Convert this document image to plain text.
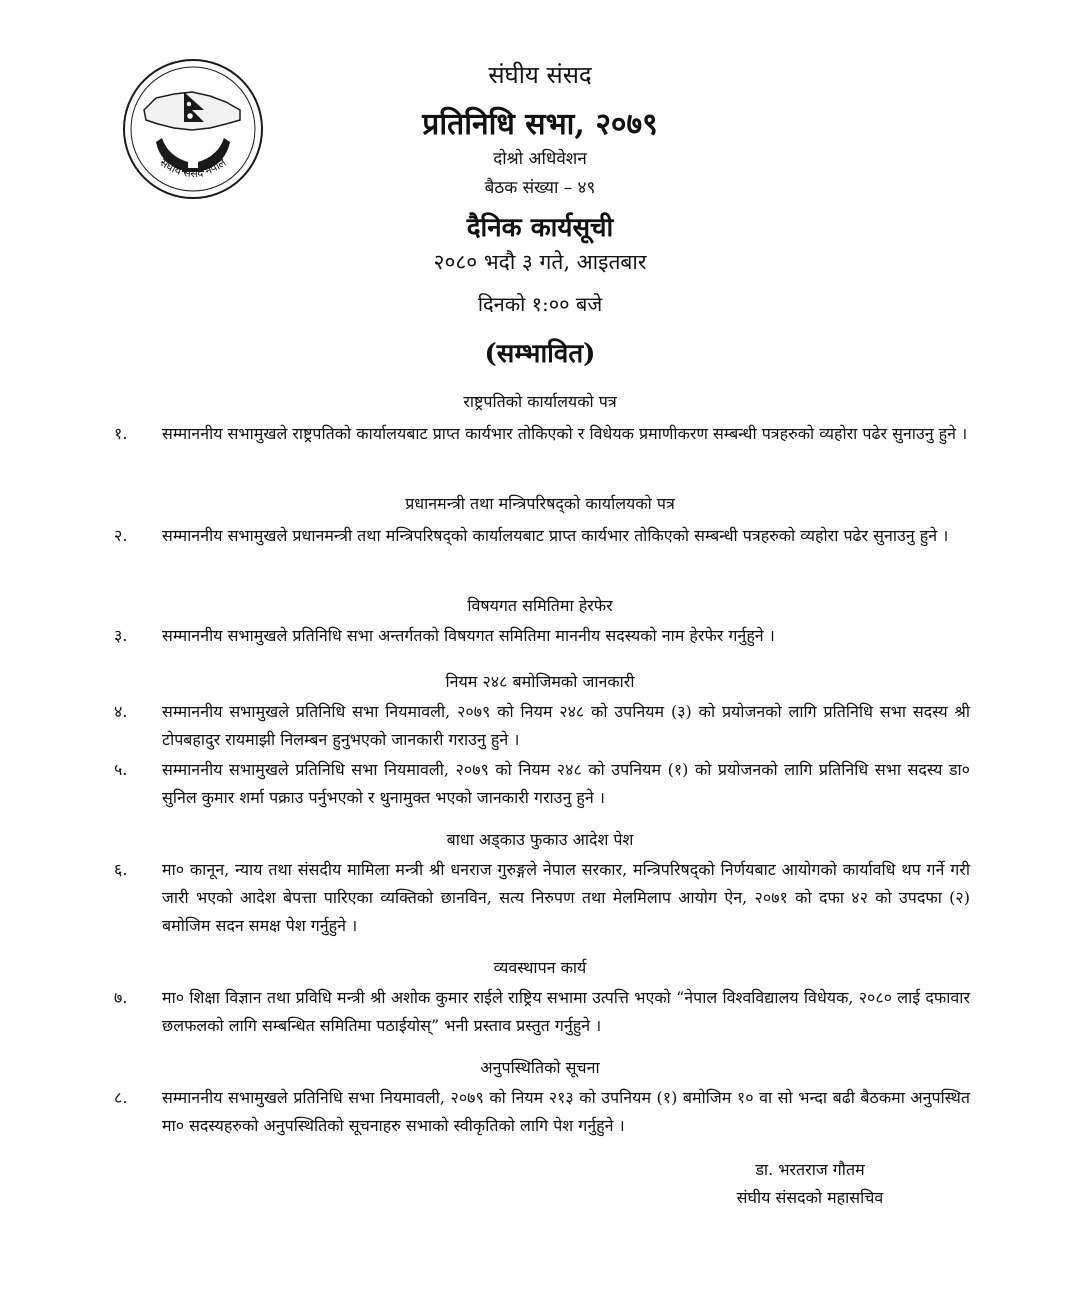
संघीय संसद नेपाल
संघीय संसद
प्रतिनिधि सभा, २०७९
दोश्रो अधिवेशन
बैठक संख्या – ४९
दैनिक कार्यसूची
२०८० भदौ ३ गते, आइतबार
दिनको १:०० बजे
(सम्भावित)
राष्ट्रपतिको कार्यालयको पत्र
१.	सम्माननीय सभामुखले राष्ट्रपतिको कार्यालयबाट प्राप्त कार्यभार तोकिएको र विधेयक प्रमाणीकरण सम्बन्धी पत्रहरुको व्यहोरा पढेर सुनाउनु हुने ।
प्रधानमन्त्री तथा मन्त्रिपरिषद्को कार्यालयको पत्र
२.	सम्माननीय सभामुखले प्रधानमन्त्री तथा मन्त्रिपरिषद्को कार्यालयबाट प्राप्त कार्यभार तोकिएको सम्बन्धी पत्रहरुको व्यहोरा पढेर सुनाउनु हुने ।
विषयगत समितिमा हेरफेर
३.	सम्माननीय सभामुखले प्रतिनिधि सभा अन्तर्गतको विषयगत समितिमा माननीय सदस्यको नाम हेरफेर गर्नुहुने ।
नियम २४८ बमोजिमको जानकारी
४.	सम्माननीय सभामुखले प्रतिनिधि सभा नियमावली, २०७९ को नियम २४८ को उपनियम (३) को प्रयोजनको लागि प्रतिनिधि सभा सदस्य श्री टोपबहादुर रायमाझी निलम्बन हुनुभएको जानकारी गराउनु हुने ।
५.	सम्माननीय सभामुखले प्रतिनिधि सभा नियमावली, २०७९ को नियम २४८ को उपनियम (१) को प्रयोजनको लागि प्रतिनिधि सभा सदस्य डा० सुनिल कुमार शर्मा पक्राउ पर्नुभएको र थुनामुक्त भएको जानकारी गराउनु हुने ।
बाधा अड्काउ फुकाउ आदेश पेश
६.	मा० कानून, न्याय तथा संसदीय मामिला मन्त्री श्री धनराज गुरुङ्गले नेपाल सरकार, मन्त्रिपरिषद्को निर्णयबाट आयोगको कार्यावधि थप गर्ने गरी जारी भएको आदेश बेपत्ता पारिएका व्यक्तिको छानविन, सत्य निरुपण तथा मेलमिलाप आयोग ऐन, २०७१ को दफा ४२ को उपदफा (२) बमोजिम सदन समक्ष पेश गर्नुहुने ।
व्यवस्थापन कार्य
७.	मा० शिक्षा विज्ञान तथा प्रविधि मन्त्री श्री अशोक कुमार राईले राष्ट्रिय सभामा उत्पत्ति भएको “नेपाल विश्वविद्यालय विधेयक, २०८० लाई दफावार छलफलको लागि सम्बन्धित समितिमा पठाईयोस्” भनी प्रस्ताव प्रस्तुत गर्नुहुने ।
अनुपस्थितिको सूचना
८.	सम्माननीय सभामुखले प्रतिनिधि सभा नियमावली, २०७९ को नियम २१३ को उपनियम (१) बमोजिम १० वा सो भन्दा बढी बैठकमा अनुपस्थित मा० सदस्यहरुको अनुपस्थितिको सूचनाहरु सभाको स्वीकृतिको लागि पेश गर्नुहुने ।
डा. भरतराज गौतम
संघीय संसदको महासचिव
